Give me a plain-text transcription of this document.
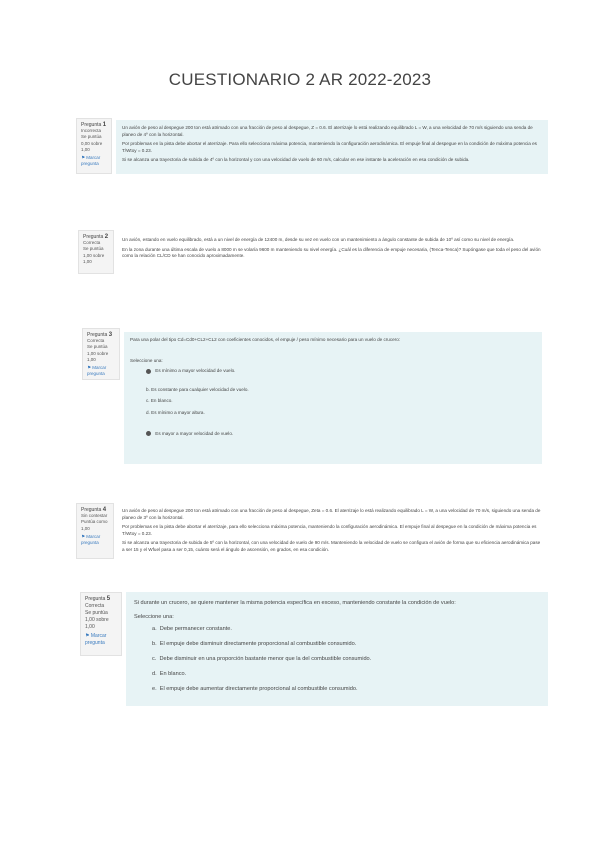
CUESTIONARIO 2 AR 2022-2023
Pregunta 1
Incorrecta
Se puntúa 0,00 sobre 1,00
⚑ Marcar pregunta

Un avión de peso al despegue 200 ton está atrimado con una fracción de peso al despegue, Z = 0.6. El aterrizaje lo está realizando equilibrado L = W, a una velocidad de 70 m/s siguiendo una senda de planeo de 4º con la horizontal.

Por problemas en la pista debe abortar el aterrizaje. Para ello selecciona máxima potencia, manteniendo la configuración aerodinámica. El empuje final al despegue en la condición de máxima potencia es T/Wtoy = 0.23.

Si se alcanza una trayectoria de subida de 4º con la horizontal y con una velocidad de vuelo de 60 m/s, calcular en ese instante la aceleración en esa condición de subida.

Pregunta 2
Correcta
Se puntúa 1,00 sobre 1,00

Un avión, estando en vuelo equilibrado, está a un nivel de energía de 12400 m, desde su vez en vuelo con un mantenimiento a ángulo constante de subida de 10º así como su nivel de energía.

En la zona durante una última escala de vuelo a 8000 m se volaría 9600 m manteniendo su nivel energía. ¿Cuál es la diferencia de empuje necesaria, (Tenca-Tenca)? Supóngase que toda el peso del avión como la relación CL/CD se han conocido aproximadamente.

Pregunta 3
Correcta
Se puntúa 1,00 sobre 1,00
⚑ Marcar pregunta

Para una polar del tipo Cd=Cd0+CL2+CL2 con coeficientes conocidos, el empuje / peso mínimo necesario para un vuelo de crucero:

Seleccione una:

Es mínimo a mayor velocidad de vuelo.
b.
Es constante para cualquier velocidad de vuelo.
c.
En blanco.
d.
Es mínimo a mayor altura.

Es mayor a mayor velocidad de vuelo.
Pregunta 4
Sin contestar
Puntúa como 1,00
⚑ Marcar pregunta

Un avión de peso al despegue 200 ton está atrimado con una fracción de peso al despegue, Zeta = 0.6. El aterrizaje lo está realizando equilibrado L = W, a una velocidad de 70 m/s, siguiendo una senda de planeo de 3º con la horizontal.

Por problemas en la pista debe abortar el aterrizaje, para ello selecciona máxima potencia, manteniendo la configuración aerodinámica. El empuje final al despegue en la condición de máxima potencia es T/Wtoy = 0.23.

Si se alcanza una trayectoria de subida de 5º con la horizontal, con una velocidad de vuelo de 90 m/s. Manteniendo la velocidad de vuelo se configura el avión de forma que su eficiencia aerodinámica pase a ser 15 y el Wfuel pasa a ser 0,15, cuánto será el ángulo de ascensión, en grados, en esa condición.

Pregunta 5
Correcta
Se puntúa 1,00 sobre 1,00
⚑ Marcar pregunta

Si durante un crucero, se quiere mantener la misma potencia específica en exceso, manteniendo constante la condición de vuelo:

Seleccione una:

a.
Debe permanecer constante.
b.
El empuje debe disminuir directamente proporcional al combustible consumido.
c.
Debe disminuir en una proporción bastante menor que la del combustible consumido.
d.
En blanco.
e.
El empuje debe aumentar directamente proporcional al combustible consumido.
